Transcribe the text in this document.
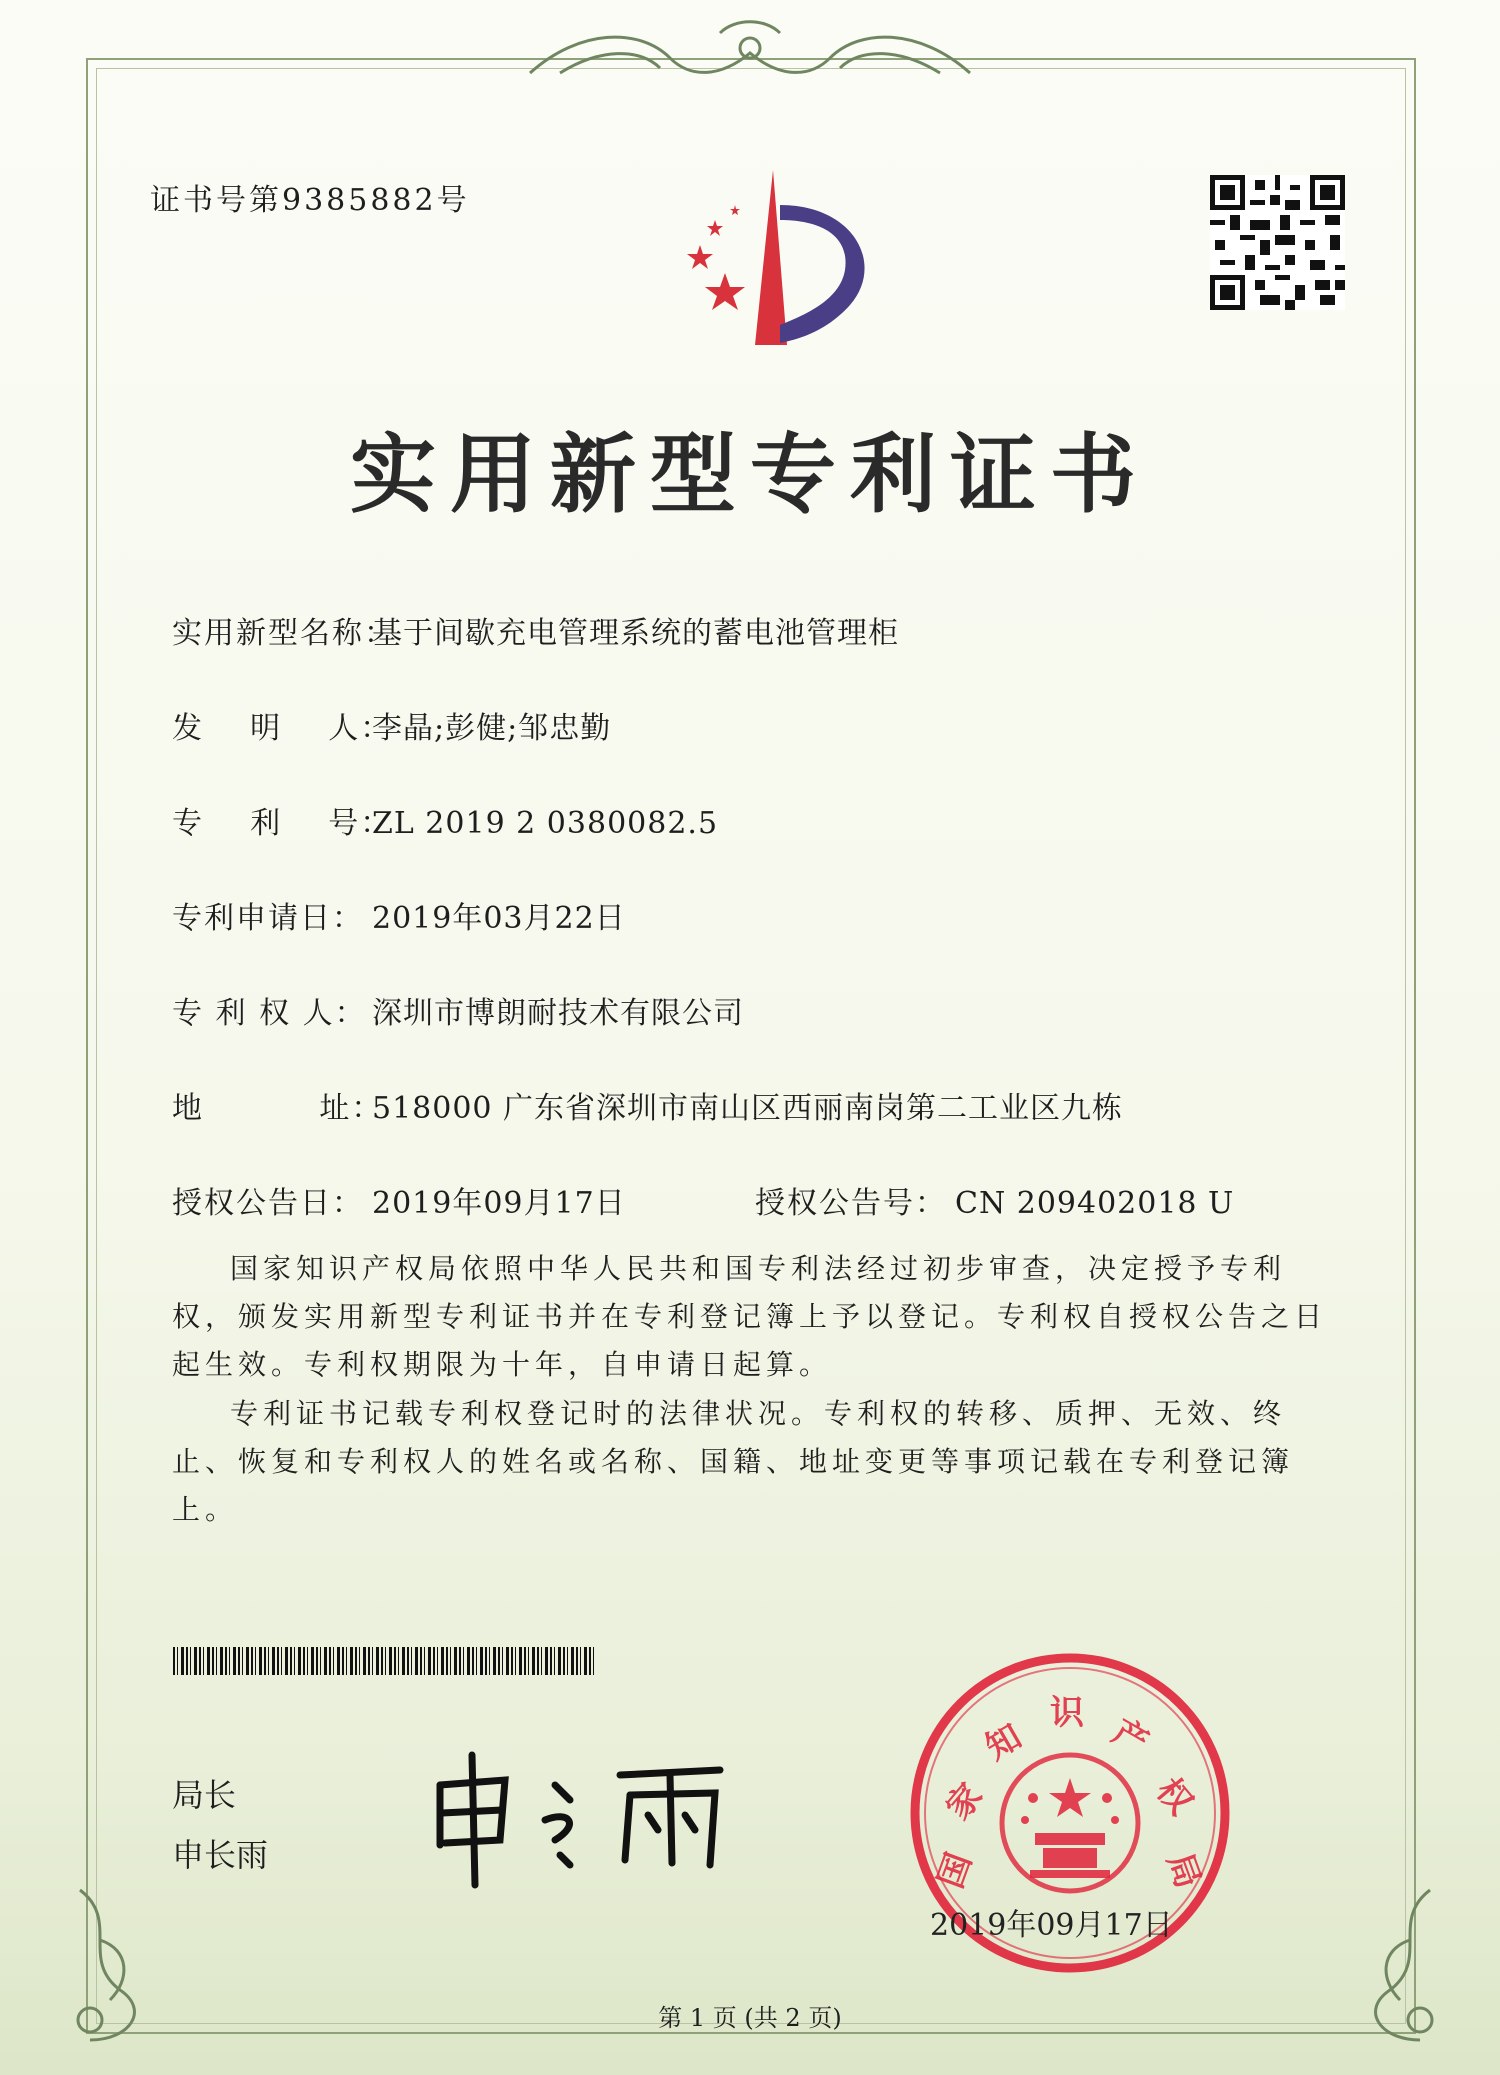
证书号第9385882号
实用新型专利证书
实用新型名称：基于间歇充电管理系统的蓄电池管理柜
发    明    人：李晶;彭健;邹忠勤
专    利    号：ZL 2019 2 0380082.5
专利申请日： 2019年03月22日
专 利 权 人： 深圳市博朗耐技术有限公司
地          址：518000 广东省深圳市南山区西丽南岗第二工业区九栋
授权公告日： 2019年09月17日	授权公告号： CN 209402018 U
国家知识产权局依照中华人民共和国专利法经过初步审查，决定授予专利权，颁发实用新型专利证书并在专利登记簿上予以登记。专利权自授权公告之日起生效。专利权期限为十年，自申请日起算。
专利证书记载专利权登记时的法律状况。专利权的转移、质押、无效、终止、恢复和专利权人的姓名或名称、国籍、地址变更等事项记载在专利登记簿上。
局长
申长雨	国
家
知
识 产
权
局
2019年09月17日
第 1 页 (共 2 页)
